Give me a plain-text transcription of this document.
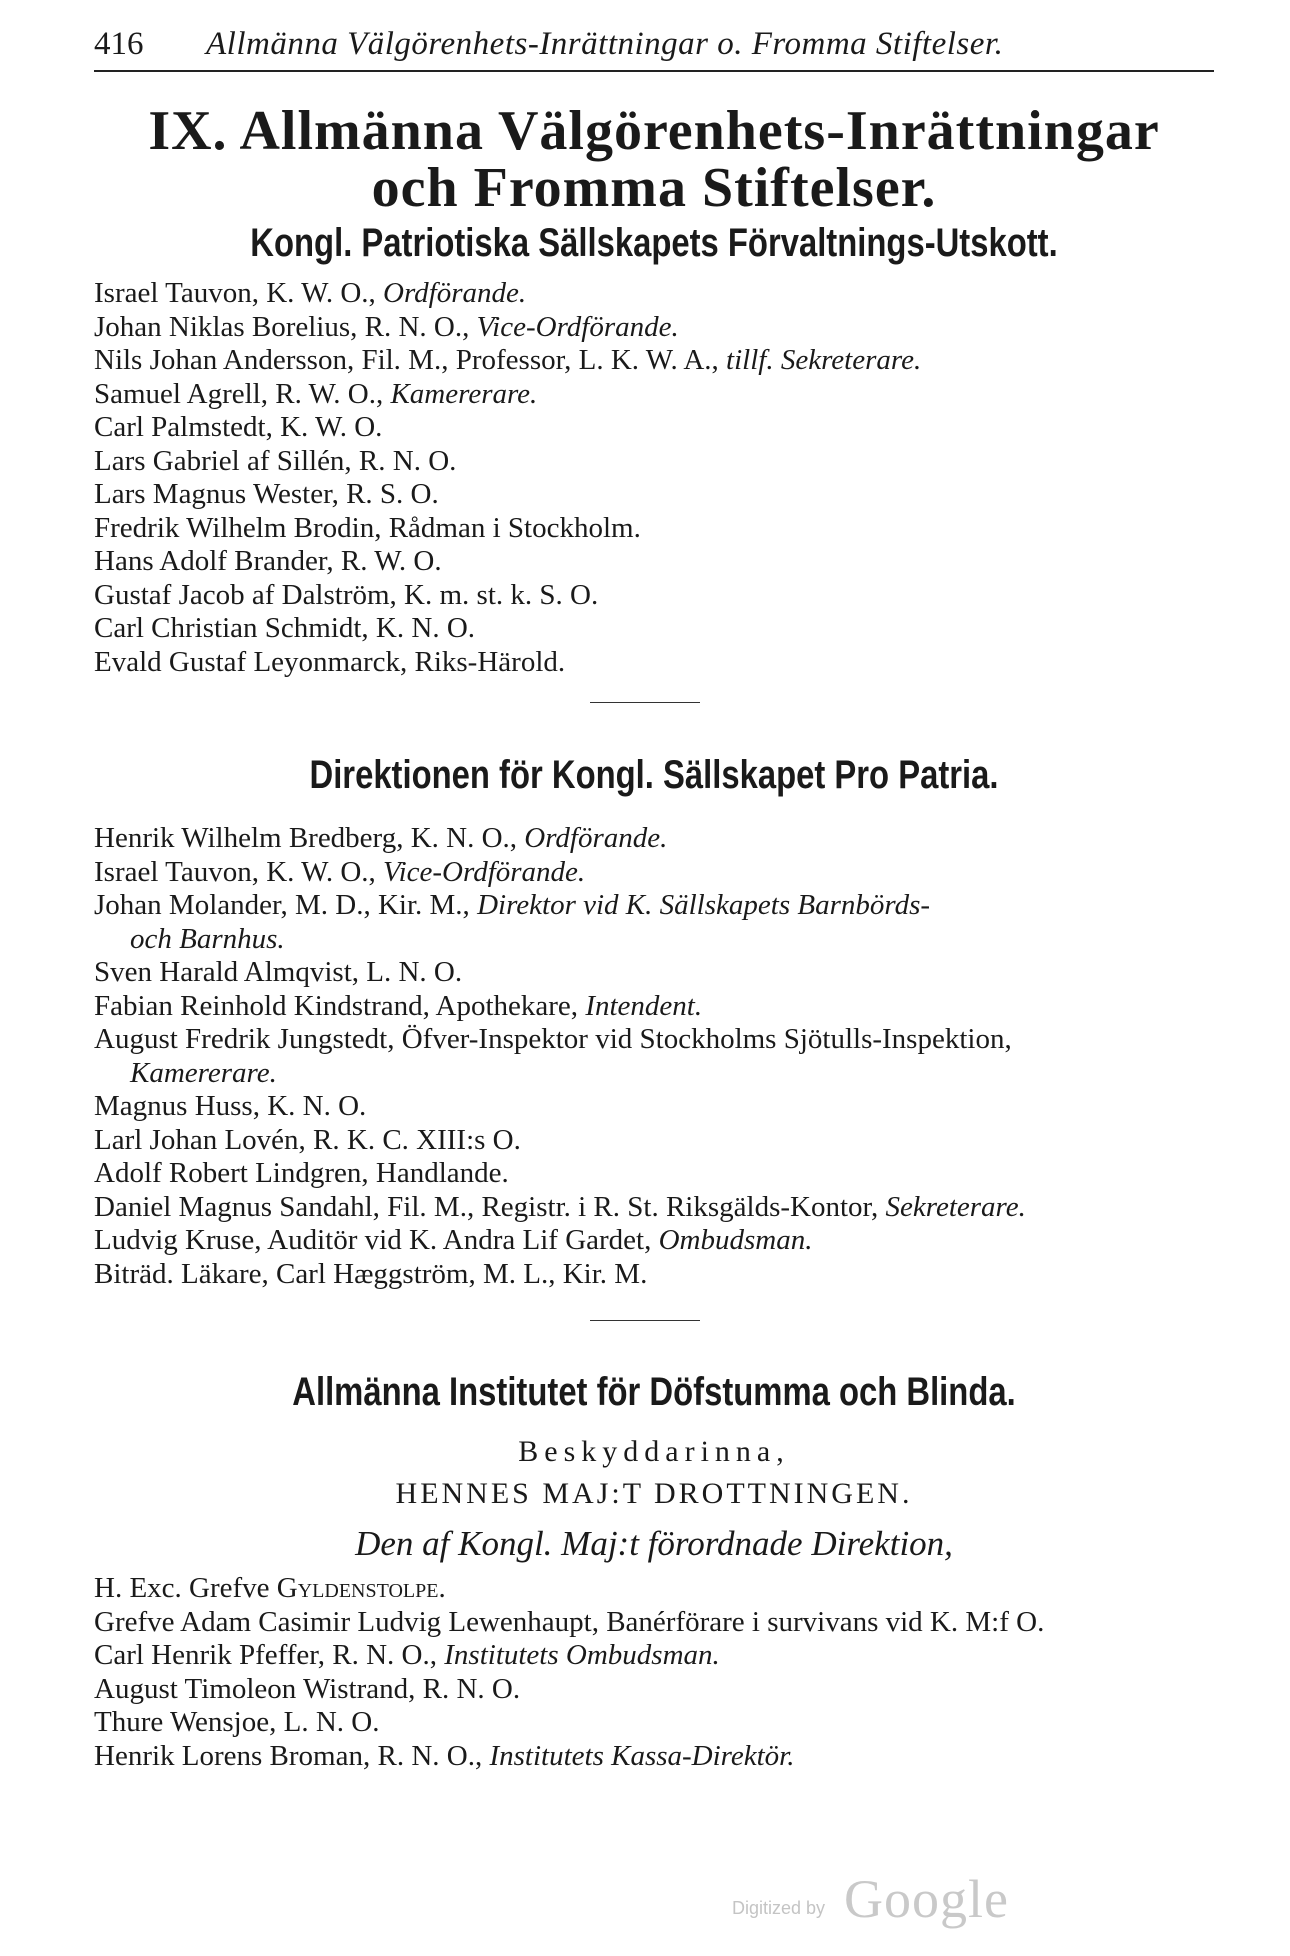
416 Allmänna Välgörenhets-Inrättningar o. Fromma Stiftelser.
IX. Allmänna Välgörenhets-Inrättningar
och Fromma Stiftelser.
Kongl. Patriotiska Sällskapets Förvaltnings-Utskott.
Israel Tauvon, K. W. O., Ordförande.
Johan Niklas Borelius, R. N. O., Vice-Ordförande.
Nils Johan Andersson, Fil. M., Professor, L. K. W. A., tillf. Sekreterare.
Samuel Agrell, R. W. O., Kamererare.
Carl Palmstedt, K. W. O.
Lars Gabriel af Sillén, R. N. O.
Lars Magnus Wester, R. S. O.
Fredrik Wilhelm Brodin, Rådman i Stockholm.
Hans Adolf Brander, R. W. O.
Gustaf Jacob af Dalström, K. m. st. k. S. O.
Carl Christian Schmidt, K. N. O.
Evald Gustaf Leyonmarck, Riks-Härold.
Direktionen för Kongl. Sällskapet Pro Patria.
Henrik Wilhelm Bredberg, K. N. O., Ordförande.
Israel Tauvon, K. W. O., Vice-Ordförande.
Johan Molander, M. D., Kir. M., Direktor vid K. Sällskapets Barnbörds-
och Barnhus.
Sven Harald Almqvist, L. N. O.
Fabian Reinhold Kindstrand, Apothekare, Intendent.
August Fredrik Jungstedt, Öfver-Inspektor vid Stockholms Sjötulls-Inspektion,
Kamererare.
Magnus Huss, K. N. O.
Larl Johan Lovén, R. K. C. XIII:s O.
Adolf Robert Lindgren, Handlande.
Daniel Magnus Sandahl, Fil. M., Registr. i R. St. Riksgälds-Kontor, Sekreterare.
Ludvig Kruse, Auditör vid K. Andra Lif Gardet, Ombudsman.
Biträd. Läkare, Carl Hæggström, M. L., Kir. M.
Allmänna Institutet för Döfstumma och Blinda.
Beskyddarinna,
HENNES MAJ:T DROTTNINGEN.
Den af Kongl. Maj:t förordnade Direktion,
H. Exc. Grefve Gyldenstolpe.
Grefve Adam Casimir Ludvig Lewenhaupt, Banérförare i survivans vid K. M:f O.
Carl Henrik Pfeffer, R. N. O., Institutets Ombudsman.
August Timoleon Wistrand, R. N. O.
Thure Wensjoe, L. N. O.
Henrik Lorens Broman, R. N. O., Institutets Kassa-Direktör.
Digitized by Google
